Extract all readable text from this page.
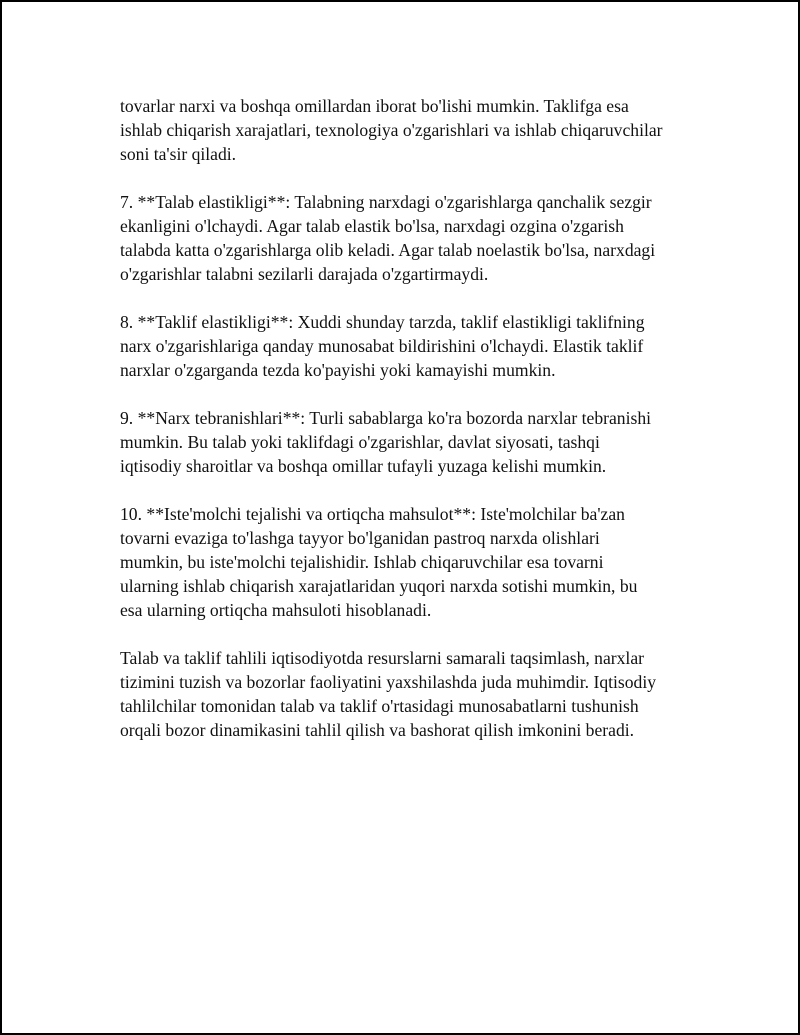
tovarlar narxi va boshqa omillardan iborat bo'lishi mumkin. Taklifga esa
ishlab chiqarish xarajatlari, texnologiya o'zgarishlari va ishlab chiqaruvchilar
soni ta'sir qiladi.

7. **Talab elastikligi**: Talabning narxdagi o'zgarishlarga qanchalik sezgir
ekanligini o'lchaydi. Agar talab elastik bo'lsa, narxdagi ozgina o'zgarish
talabda katta o'zgarishlarga olib keladi. Agar talab noelastik bo'lsa, narxdagi
o'zgarishlar talabni sezilarli darajada o'zgartirmaydi.

8. **Taklif elastikligi**: Xuddi shunday tarzda, taklif elastikligi taklifning
narx o'zgarishlariga qanday munosabat bildirishini o'lchaydi. Elastik taklif
narxlar o'zgarganda tezda ko'payishi yoki kamayishi mumkin.

9. **Narx tebranishlari**: Turli sabablarga ko'ra bozorda narxlar tebranishi
mumkin. Bu talab yoki taklifdagi o'zgarishlar, davlat siyosati, tashqi
iqtisodiy sharoitlar va boshqa omillar tufayli yuzaga kelishi mumkin.

10. **Iste'molchi tejalishi va ortiqcha mahsulot**: Iste'molchilar ba'zan
tovarni evaziga to'lashga tayyor bo'lganidan pastroq narxda olishlari
mumkin, bu iste'molchi tejalishidir. Ishlab chiqaruvchilar esa tovarni
ularning ishlab chiqarish xarajatlaridan yuqori narxda sotishi mumkin, bu
esa ularning ortiqcha mahsuloti hisoblanadi.

Talab va taklif tahlili iqtisodiyotda resurslarni samarali taqsimlash, narxlar
tizimini tuzish va bozorlar faoliyatini yaxshilashda juda muhimdir. Iqtisodiy
tahlilchilar tomonidan talab va taklif o'rtasidagi munosabatlarni tushunish
orqali bozor dinamikasini tahlil qilish va bashorat qilish imkonini beradi.
